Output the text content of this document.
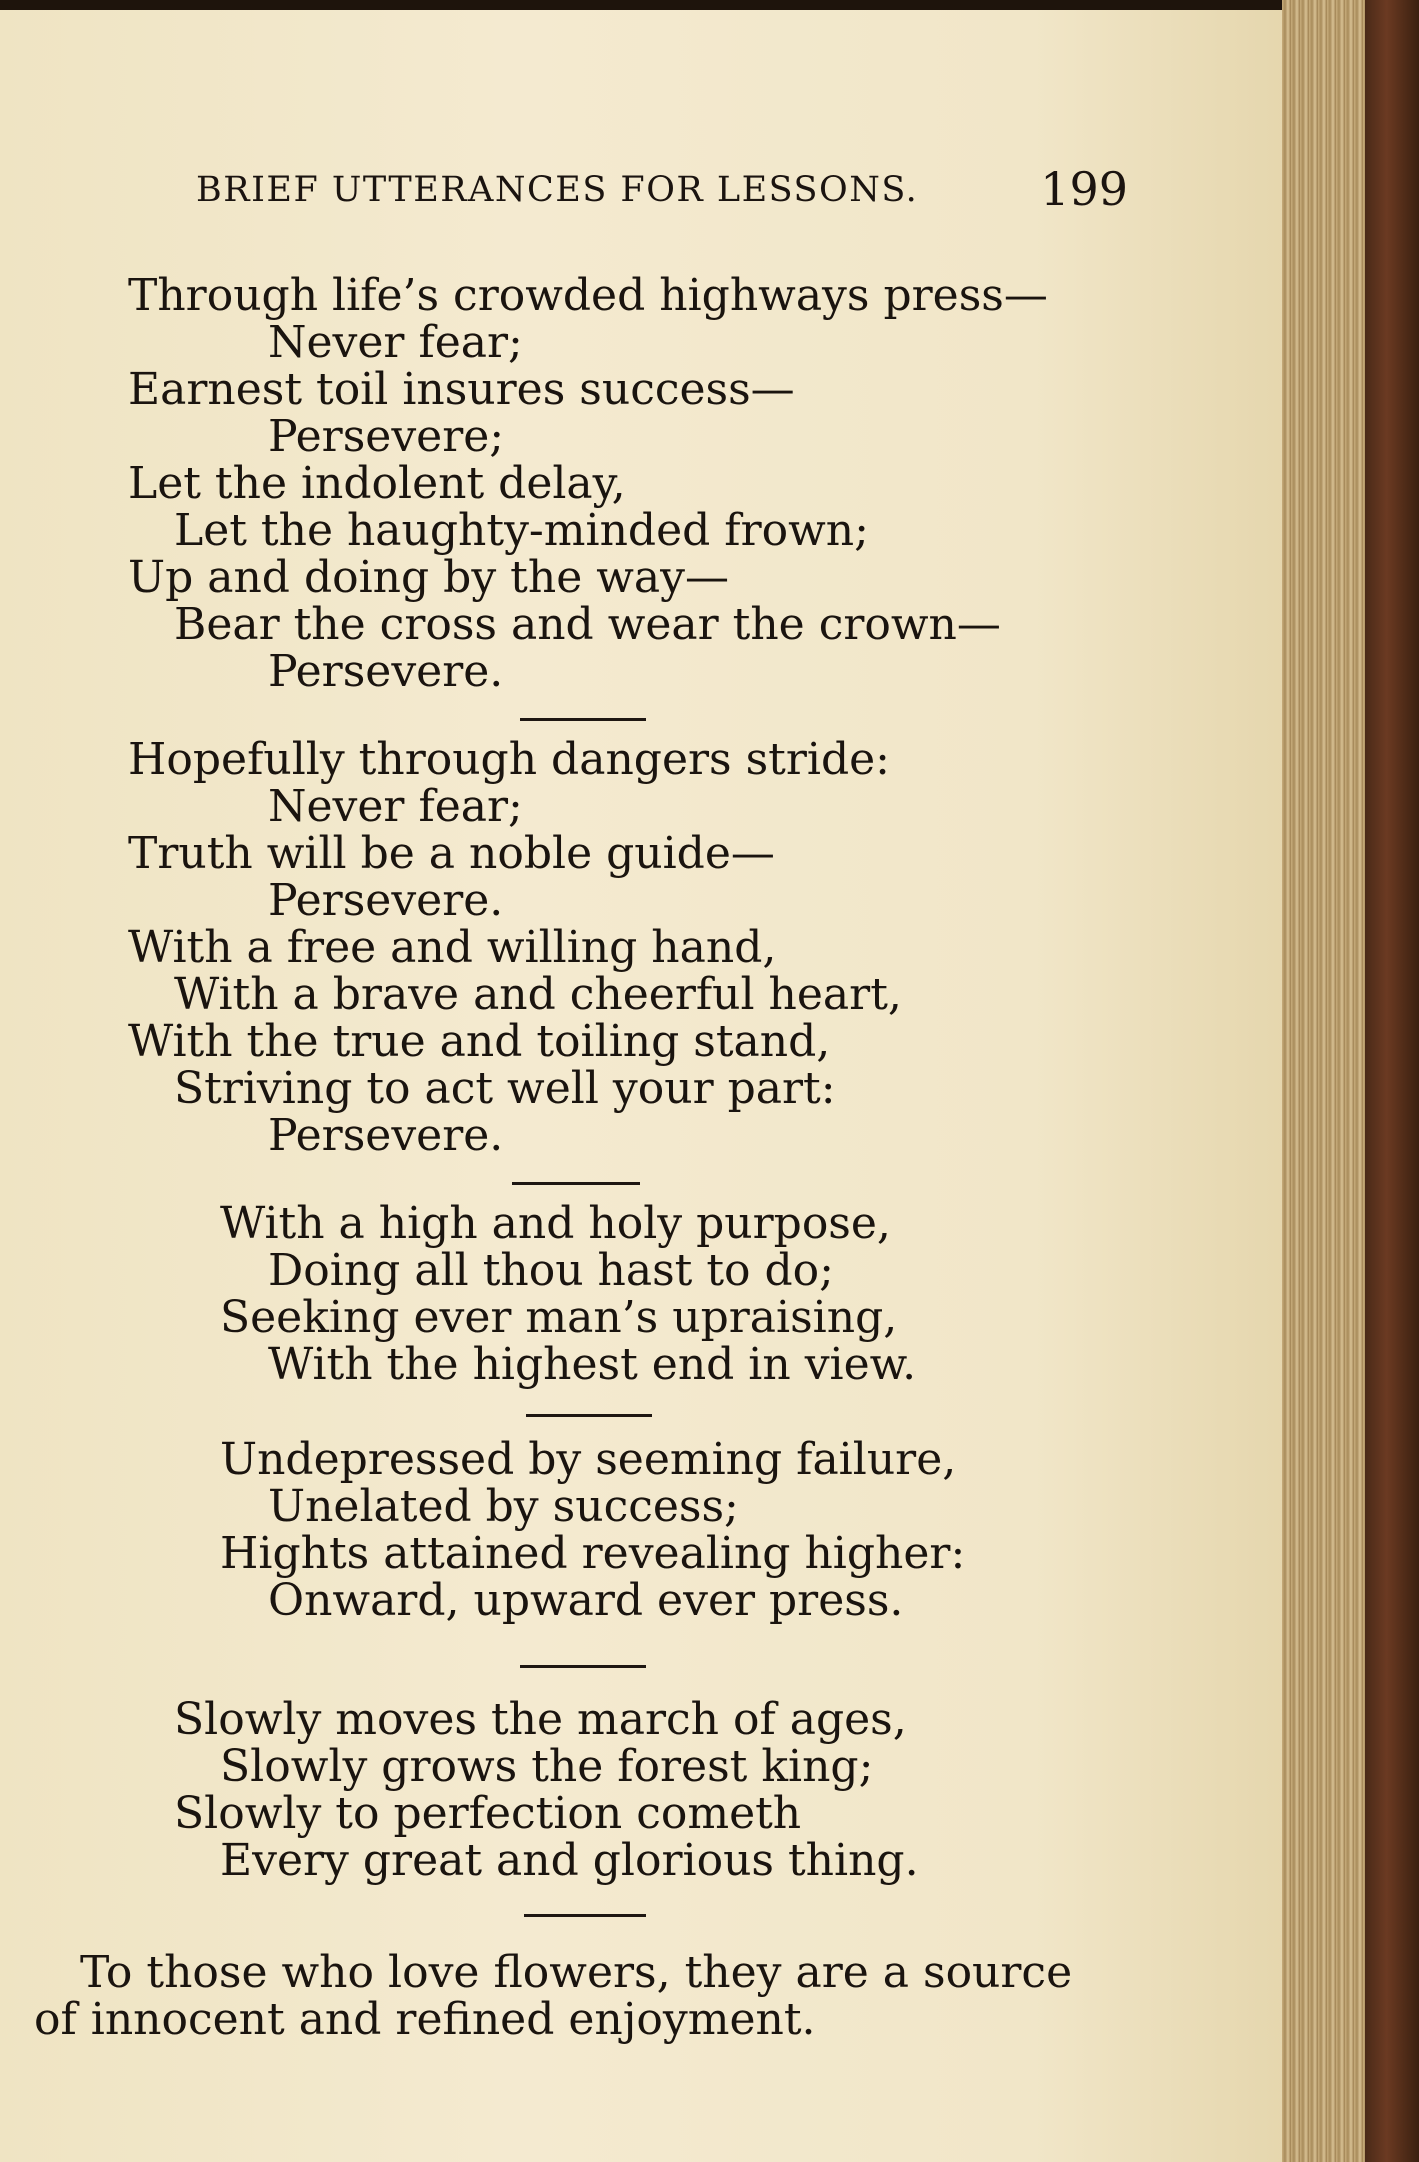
BRIEF UTTERANCES FOR LESSONS.	199
Through life’s crowded highways press—
Never fear;
Earnest toil insures success—
Persevere;
Let the indolent delay,
Let the haughty-minded frown;
Up and doing by the way—
Bear the cross and wear the crown—
Persevere.
Hopefully through dangers stride:
Never fear;
Truth will be a noble guide—
Persevere.
With a free and willing hand,
With a brave and cheerful heart,
With the true and toiling stand,
Striving to act well your part:
Persevere.
With a high and holy purpose,
Doing all thou hast to do;
Seeking ever man’s upraising,
With the highest end in view.
Undepressed by seeming failure,
Unelated by success;
Hights attained revealing higher:
Onward, upward ever press.
Slowly moves the march of ages,
Slowly grows the forest king;
Slowly to perfection cometh
Every great and glorious thing.
To those who love flowers, they are a source
of innocent and refined enjoyment.
